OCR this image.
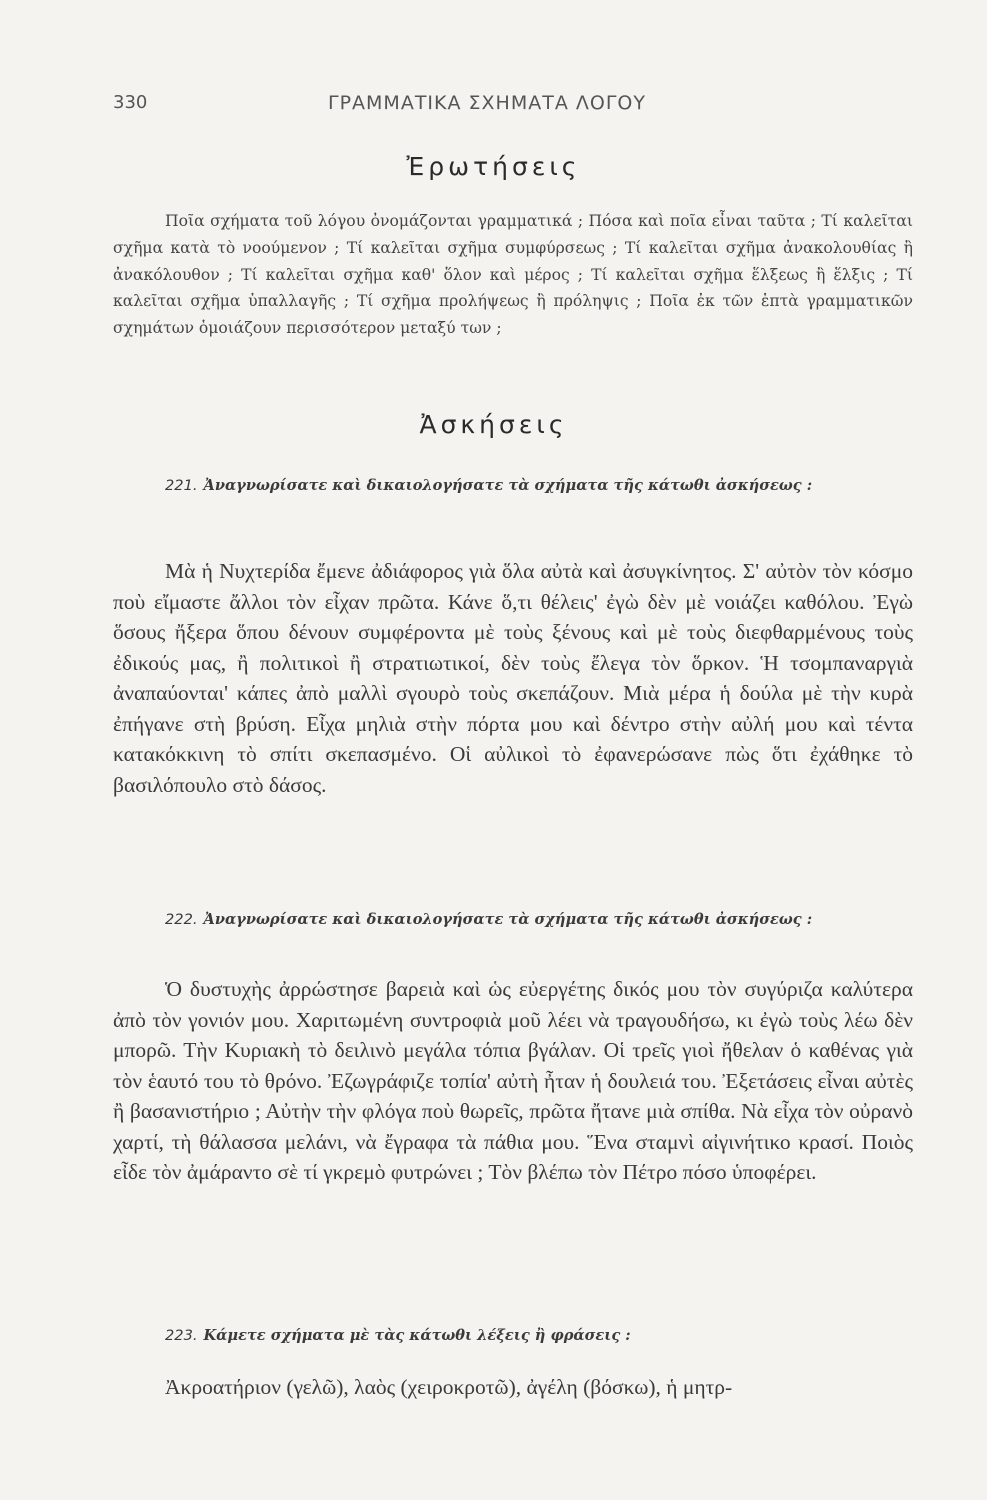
330	ΓΡΑΜΜΑΤΙΚΑ ΣΧΗΜΑΤΑ ΛΟΓΟΥ
Ἐρωτήσεις

Ποῖα σχήματα τοῦ λόγου ὀνομάζονται γραμματικά ; Πόσα καὶ ποῖα εἶναι ταῦτα ; Τί καλεῖται σχῆμα κατὰ τὸ νοούμενον ; Τί καλεῖται σχῆμα συμφύρσεως ; Τί καλεῖται σχῆμα ἀνακολουθίας ἢ ἀνακόλουθον ; Τί καλεῖται σχῆμα καθ' ὅλον καὶ μέρος ; Τί καλεῖται σχῆμα ἕλξεως ἢ ἕλξις ; Τί καλεῖται σχῆμα ὑπαλλαγῆς ; Τί σχῆμα προλήψεως ἢ πρόληψις ; Ποῖα ἐκ τῶν ἑπτὰ γραμματικῶν σχημάτων ὁμοιάζουν περισσότερον μεταξύ των ;

Ἀσκήσεις
221. Ἀναγνωρίσατε καὶ δικαιολογήσατε τὰ σχήματα τῆς κάτωθι ἀσκήσεως :

Μὰ ἡ Νυχτερίδα ἔμενε ἀδιάφορος γιὰ ὅλα αὐτὰ καὶ ἀσυγκίνητος. Σ' αὐτὸν τὸν κόσμο ποὺ εἴμαστε ἄλλοι τὸν εἶχαν πρῶτα. Κάνε ὅ,τι θέλεις' ἐγὼ δὲν μὲ νοιάζει καθόλου. Ἐγὼ ὅσους ἤξερα ὅπου δένουν συμφέροντα μὲ τοὺς ξένους καὶ μὲ τοὺς διεφθαρμένους τοὺς ἐδικούς μας, ἢ πολιτικοὶ ἢ στρατιωτικοί, δὲν τοὺς ἔλεγα τὸν ὅρκον. Ἡ τσομπαναργιὰ ἀναπαύονται' κάπες ἀπὸ μαλλὶ σγουρὸ τοὺς σκεπάζουν. Μιὰ μέρα ἡ δούλα μὲ τὴν κυρὰ ἐπήγανε στὴ βρύση. Εἶχα μηλιὰ στὴν πόρτα μου καὶ δέντρο στὴν αὐλή μου καὶ τέντα κατακόκκινη τὸ σπίτι σκεπασμένο. Οἱ αὐλικοὶ τὸ ἐφανερώσανε πὼς ὅτι ἐχάθηκε τὸ βασιλόπουλο στὸ δάσος.

222. Ἀναγνωρίσατε καὶ δικαιολογήσατε τὰ σχήματα τῆς κάτωθι ἀσκήσεως :

Ὁ δυστυχὴς ἀρρώστησε βαρειὰ καὶ ὡς εὐεργέτης δικός μου τὸν συγύριζα καλύτερα ἀπὸ τὸν γονιόν μου. Χαριτωμένη συντροφιὰ μοῦ λέει νὰ τραγουδήσω, κι ἐγὼ τοὺς λέω δὲν μπορῶ. Τὴν Κυριακὴ τὸ δειλινὸ μεγάλα τόπια βγάλαν. Οἱ τρεῖς γιοὶ ἤθελαν ὁ καθένας γιὰ τὸν ἑαυτό του τὸ θρόνο. Ἐζωγράφιζε τοπία' αὐτὴ ἦταν ἡ δουλειά του. Ἐξετάσεις εἶναι αὐτὲς ἢ βασανιστήριο ; Αὐτὴν τὴν φλόγα ποὺ θωρεῖς, πρῶτα ἤτανε μιὰ σπίθα. Νὰ εἶχα τὸν οὐρανὸ χαρτί, τὴ θάλασσα μελάνι, νὰ ἔγραφα τὰ πάθια μου. Ἕνα σταμνὶ αἰγινήτικο κρασί. Ποιὸς εἶδε τὸν ἀμάραντο σὲ τί γκρεμὸ φυτρώνει ; Τὸν βλέπω τὸν Πέτρο πόσο ὑποφέρει.

223. Κάμετε σχήματα μὲ τὰς κάτωθι λέξεις ἢ φράσεις :

Ἀκροατήριον (γελῶ), λαὸς (χειροκροτῶ), ἀγέλη (βόσκω), ἡ μητρ-
